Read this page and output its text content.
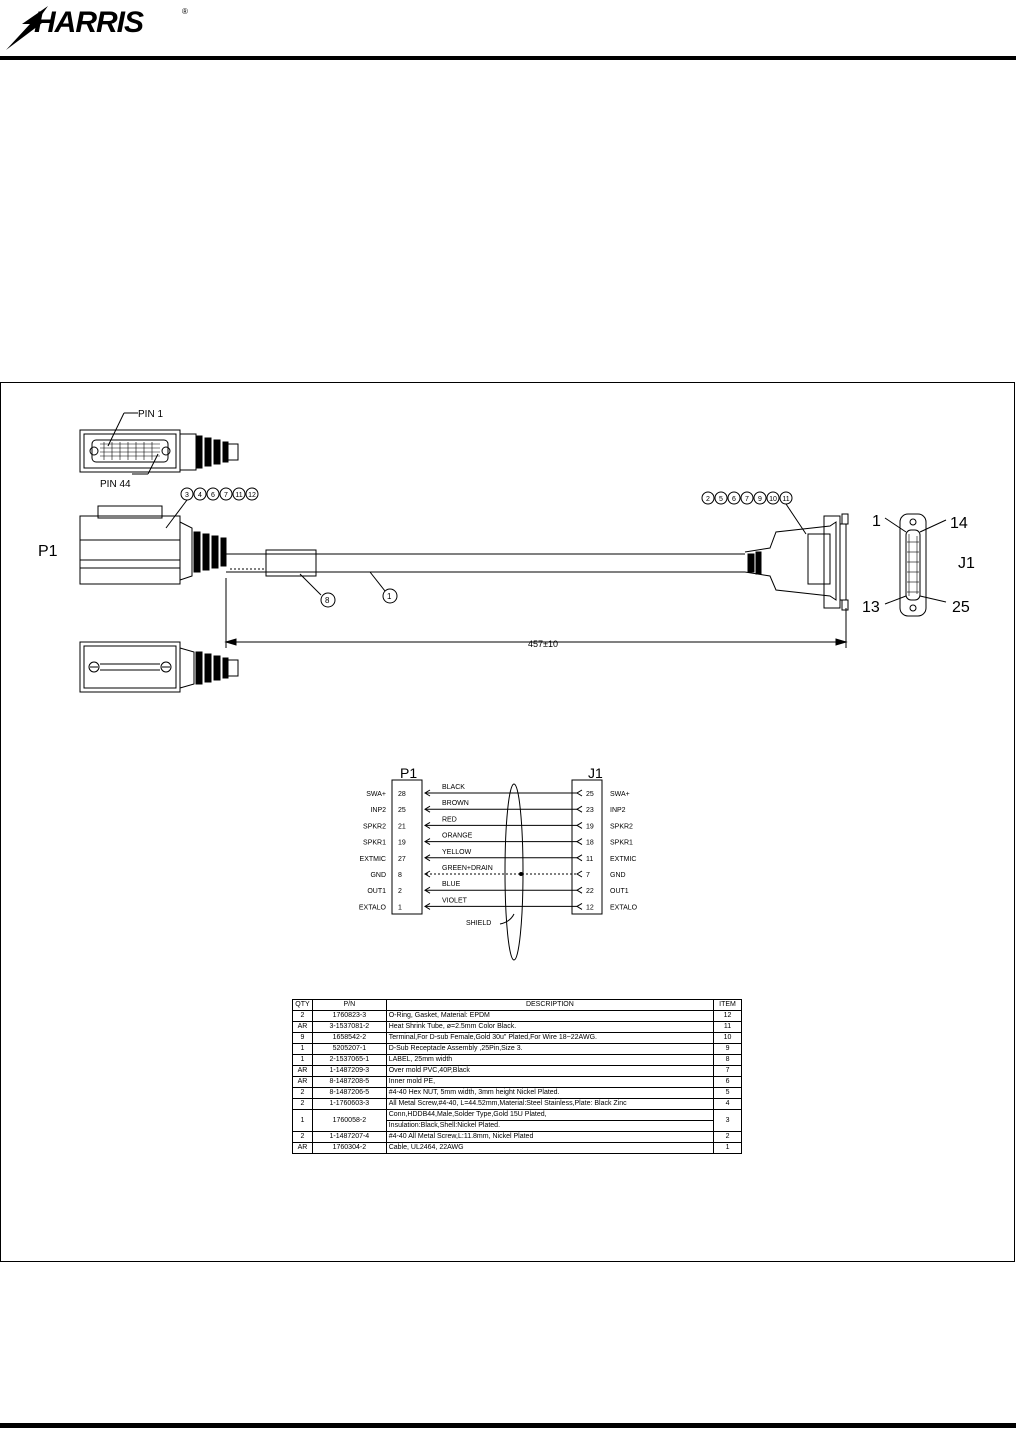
HARRIS	®
PIN 1
PIN 44
P1
J1
1	14
13	25
457±10
8	1
3 4 6 7 11 12
2 5 6 7 9 10 11
P1	J1
SHIELD
SWA+ 28
BLACK
25 SWA+
INP2 25
BROWN
23 INP2
SPKR2 21
RED
19 SPKR2
SPKR1 19
ORANGE
18 SPKR1
EXTMIC 27
YELLOW
11 EXTMIC
GND 8
GREEN+DRAIN
7	GND
OUT1 2
BLUE
22 OUT1
EXTALO 1
VIOLET
12 EXTALO
QTY	P/N	DESCRIPTION	ITEM
2	1760823-3	O-Ring, Gasket, Material: EPDM	12
AR	3-1537081-2	Heat Shrink Tube, ø=2.5mm Color Black.	11
9	1658542-2	Terminal,For D-sub Female,Gold 30u" Plated,For Wire 18~22AWG.	10
1	5205207-1	D-Sub Receptacle Assembly ,25Pin,Size 3.	9
1	2-1537065-1	LABEL, 25mm width	8
AR	1-1487209-3	Over mold PVC,40P,Black	7
AR	8-1487208-5	Inner mold PE,	6
2	8-1487206-5	#4-40 Hex NUT, 5mm width, 3mm height Nickel Plated.	5
2	1-1760603-3	All Metal Screw,#4-40, L=44.52mm,Material:Steel Stainless,Plate: Black Zinc	4
1	1760058-2	Conn,HDDB44,Male,Solder Type,Gold 15U Plated,	3
		Insulation:Black,Shell:Nickel Plated.	
2	1-1487207-4	#4-40 All Metal Screw,L:11.8mm, Nickel Plated	2
AR	1760304-2	Cable, UL2464, 22AWG	1
